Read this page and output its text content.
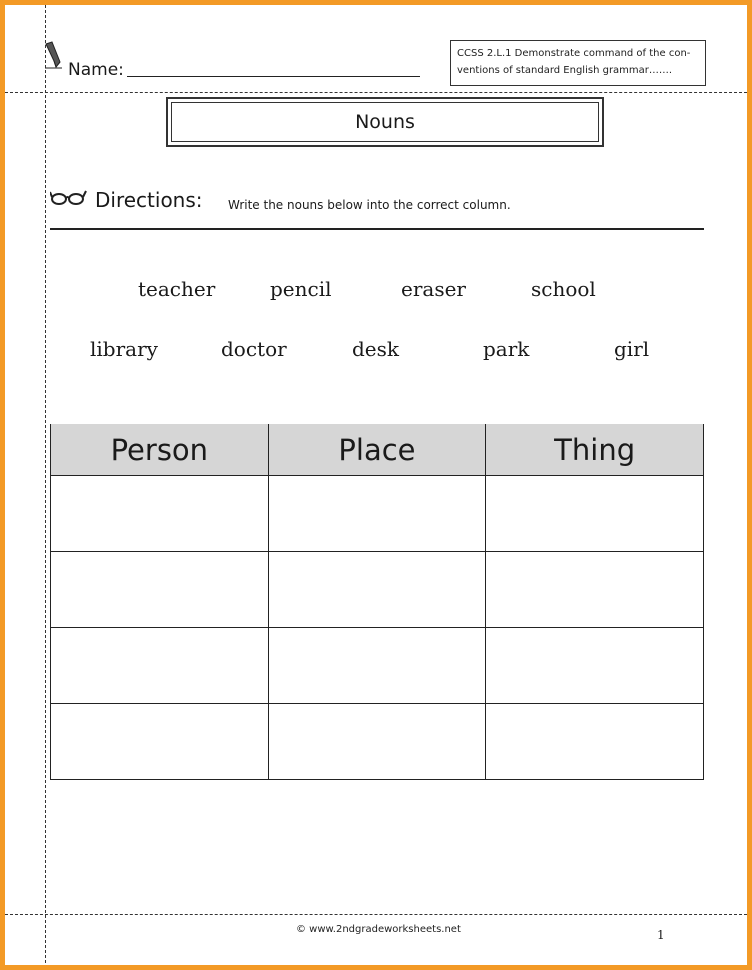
Name:
CCSS 2.L.1 Demonstrate command of the con-
ventions of standard English grammar…….
Nouns
Directions: Write the nouns below into the correct column.
teacher	pencil	eraser	school
library	doctor	desk	park	girl
Person	Place	Thing

© www.2ndgradeworksheets.net	1
